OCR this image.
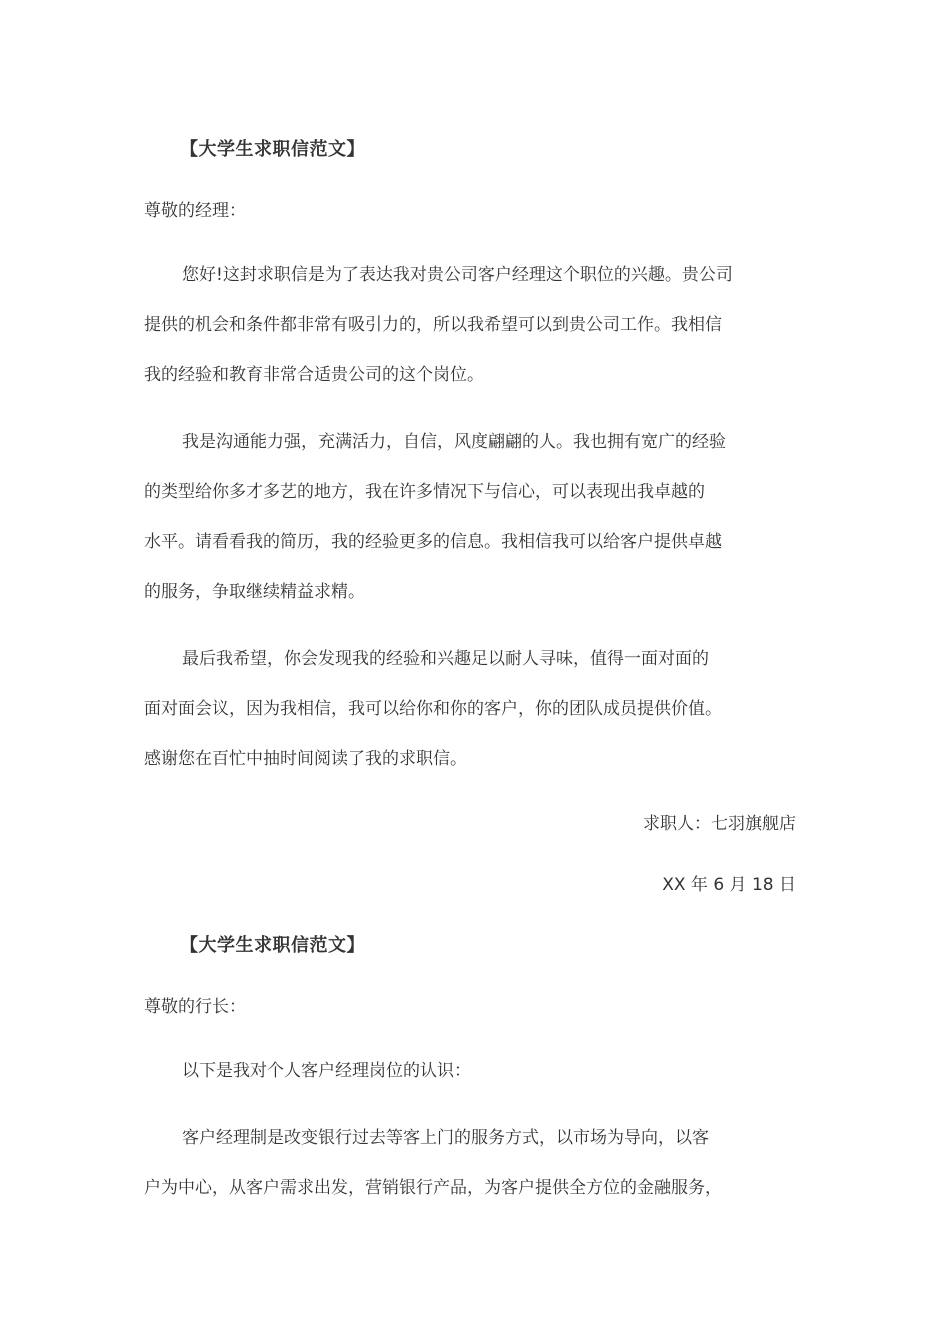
【大学生求职信范文】
尊敬的经理：
您好!这封求职信是为了表达我对贵公司客户经理这个职位的兴趣。贵公司
提供的机会和条件都非常有吸引力的，所以我希望可以到贵公司工作。我相信
我的经验和教育非常合适贵公司的这个岗位。
我是沟通能力强，充满活力，自信，风度翩翩的人。我也拥有宽广的经验
的类型给你多才多艺的地方，我在许多情况下与信心，可以表现出我卓越的
水平。请看看我的简历，我的经验更多的信息。我相信我可以给客户提供卓越
的服务，争取继续精益求精。
最后我希望，你会发现我的经验和兴趣足以耐人寻味，值得一面对面的
面对面会议，因为我相信，我可以给你和你的客户，你的团队成员提供价值。
感谢您在百忙中抽时间阅读了我的求职信。
求职人：七羽旗舰店
XX 年 6 月 18 日
【大学生求职信范文】
尊敬的行长：
以下是我对个人客户经理岗位的认识：
客户经理制是改变银行过去等客上门的服务方式，以市场为导向，以客
户为中心，从客户需求出发，营销银行产品，为客户提供全方位的金融服务，
